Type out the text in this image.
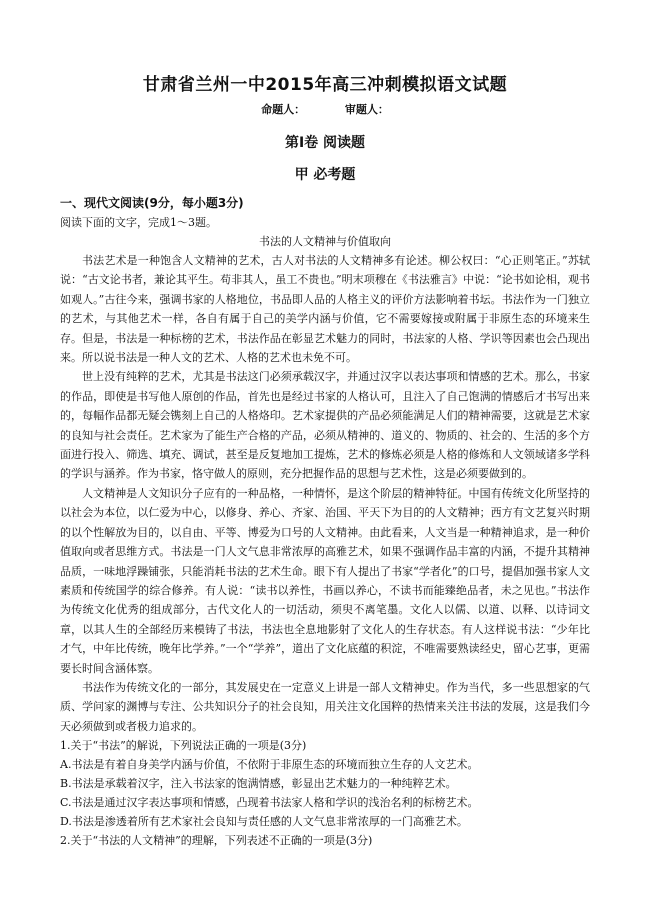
甘肃省兰州一中2015年高三冲刺模拟语文试题
命题人：	审题人：
第Ⅰ卷 阅读题
甲 必考题

一、现代文阅读(9分，每小题3分)

阅读下面的文字，完成1～3题。

书法的人文精神与价值取向

书法艺术是一种饱含人文精神的艺术，古人对书法的人文精神多有论述。柳公权曰：“心正则笔正。”苏轼说：“古文论书者，兼论其平生。苟非其人，虽工不贵也。”明末项穆在《书法雅言》中说：“论书如论相，观书如观人。”古往今来，强调书家的人格地位，书品即人品的人格主义的评价方法影响着书坛。书法作为一门独立的艺术，与其他艺术一样，各自有属于自己的美学内涵与价值，它不需要嫁接或附属于非原生态的环境来生存。但是，书法是一种标榜的艺术，书法作品在彰显艺术魅力的同时，书法家的人格、学识等因素也会凸现出来。所以说书法是一种人文的艺术、人格的艺术也未免不可。

世上没有纯粹的艺术，尤其是书法这门必须承载汉字，并通过汉字以表达事项和情感的艺术。那么，书家的作品，即使是书写他人原创的作品，首先也是经过书家的人格认可，且注入了自己饱满的情感后才书写出来的，每幅作品都无疑会镌刻上自己的人格烙印。艺术家提供的产品必须能满足人们的精神需要，这就是艺术家的良知与社会责任。艺术家为了能生产合格的产品，必须从精神的、道义的、物质的、社会的、生活的多个方面进行投入、筛选、填充、调试，甚至是反复地加工提炼，艺术的修炼必须是人格的修炼和人文领域诸多学科的学识与涵养。作为书家，恪守做人的原则，充分把握作品的思想与艺术性，这是必须要做到的。

人文精神是人文知识分子应有的一种品格，一种情怀，是这个阶层的精神特征。中国有传统文化所坚持的以社会为本位，以仁爱为中心，以修身、养心、齐家、治国、平天下为目的的人文精神；西方有文艺复兴时期的以个性解放为目的，以自由、平等、博爱为口号的人文精神。由此看来，人文当是一种精神追求，是一种价值取向或者思维方式。书法是一门人文气息非常浓厚的高雅艺术，如果不强调作品丰富的内涵，不提升其精神品质，一味地浮躁铺张，只能消耗书法的艺术生命。眼下有人提出了书家“学者化”的口号，提倡加强书家人文素质和传统国学的综合修养。有人说：“读书以养性，书画以养心，不读书而能臻绝品者，未之见也。”书法作为传统文化优秀的组成部分，古代文化人的一切活动，须臾不离笔墨。文化人以儒、以道、以释、以诗词文章，以其人生的全部经历来模铸了书法，书法也全息地影射了文化人的生存状态。有人这样说书法：“少年比才气，中年比传统，晚年比学养。”一个“学养”，道出了文化底蕴的积淀，不唯需要熟读经史，留心艺事，更需要长时间含涵体察。

书法作为传统文化的一部分，其发展史在一定意义上讲是一部人文精神史。作为当代，多一些思想家的气质、学问家的渊博与专注、公共知识分子的社会良知，用关注文化国粹的热情来关注书法的发展，这是我们今天必须做到或者极力追求的。

1.关于“书法”的解说，下列说法正确的一项是(3分)

A.书法是有着自身美学内涵与价值，不依附于非原生态的环境而独立生存的人文艺术。

B.书法是承载着汉字，注入书法家的饱满情感，彰显出艺术魅力的一种纯粹艺术。

C.书法是通过汉字表达事项和情感，凸现着书法家人格和学识的浅治名利的标榜艺术。

D.书法是渗透着所有艺术家社会良知与责任感的人文气息非常浓厚的一门高雅艺术。

2.关于“书法的人文精神”的理解，下列表述不正确的一项是(3分)
